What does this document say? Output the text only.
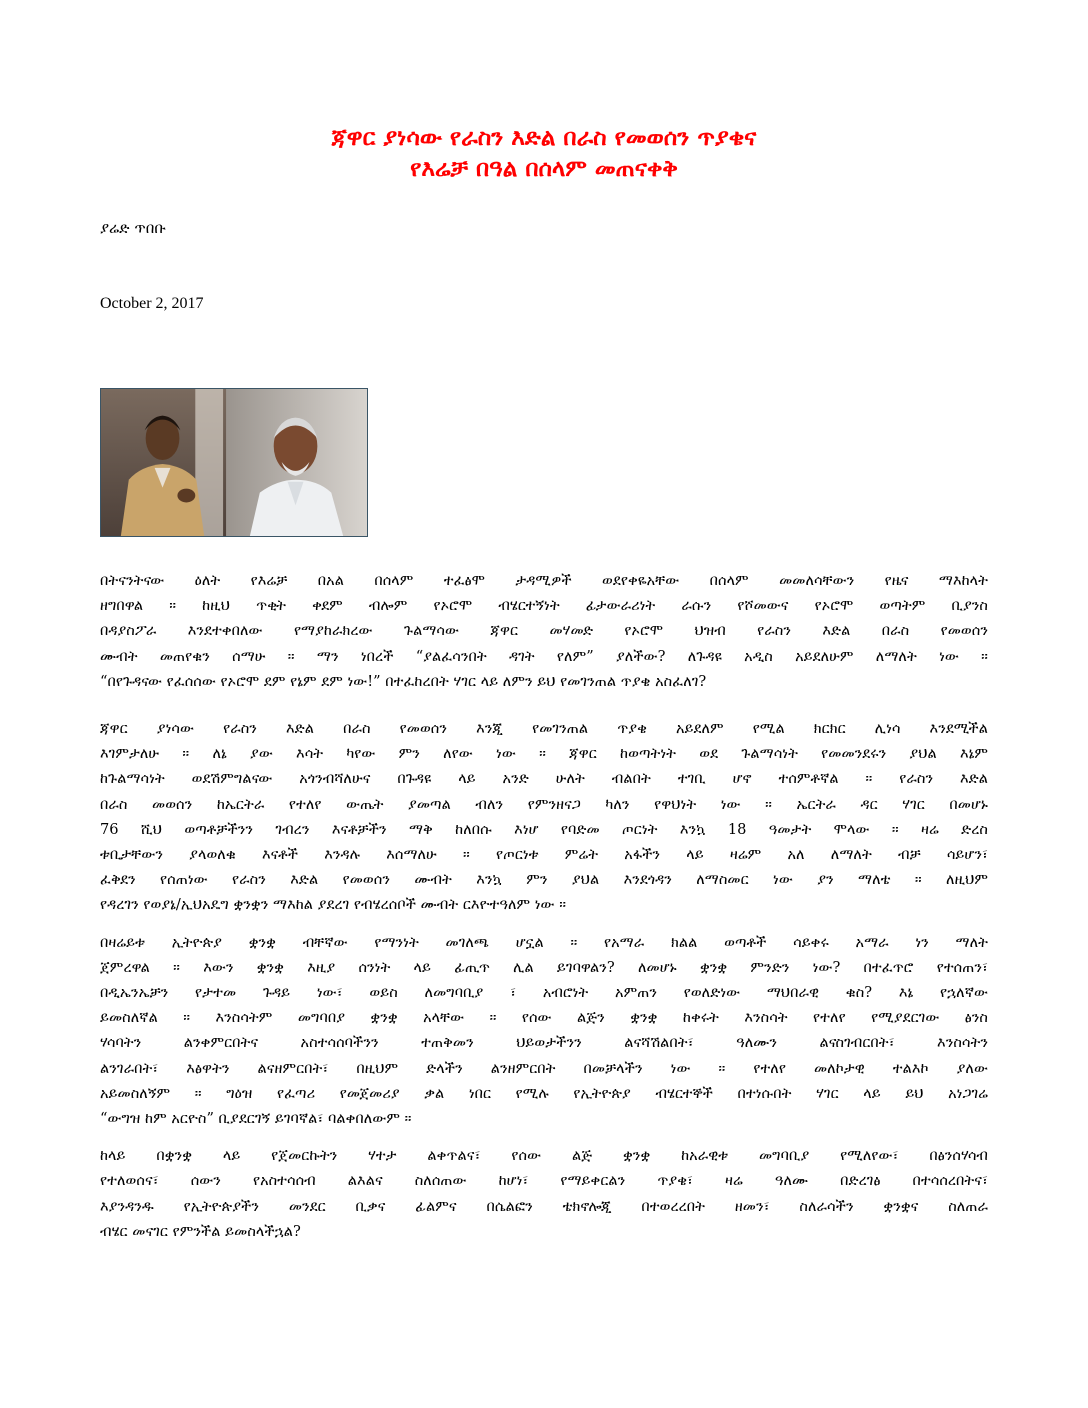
ጃዋር ያነሳው የራስን እድል በራስ የመወሰን ጥያቄና
የእሬቻ በዓል በሰላም መጠናቀቅ
ያሬድ ጥበቡ
October 2, 2017

በትናንትናው ዕለት የእሬቻ በአል በሰላም ተፈፅሞ ታዳሚዎች ወደየቀዬአቸው በሰላም መመለሳቸውን የዜና ማእከላት
ዘግበዋል ። ከዚህ ጥቂት ቀደም ብሎም የኦሮሞ ብሄርተኝነት ፊታውራሪነት ራሱን የሾመውና የኦሮሞ ወጣትም ቢያንስ
በዳያስፖራ እንደተቀበለው የማያከራክረው ጉልማሳው ጃዋር መሃመድ የኦሮሞ ህዝብ የራስን እድል በራስ የመወሰን
ሙብት መጠየቁን ሰማሁ ። ማን ነበረች “ያልፈሳንበት ዳገት የለም” ያለችው? ለጉዳዩ አዲስ አይደለሁም ለማለት ነው ።
“በየጉዳናው የፈሰሰው የኦሮሞ ደም የኔም ደም ነው!” በተፈከረበት ሃገር ላይ ለምን ይህ የመገንጠል ጥያቄ አስፈለገ?

ጃዋር ያነሳው የራስን እድል በራስ የመወሰን እንጂ የመገንጠል ጥያቄ አይደለም የሚል ክርክር ሊነሳ እንደሚችል
እገምታለሁ ። ለኔ ያው እሳት ካየው ምን ለየው ነው ። ጃዋር ከወጣትነት ወደ ጉልማሳነት የመመንደሩን ያህል እኔም
ከጉልማሳነት ወደሽምግልናው አጎንብሻለሁና በጉዳዩ ላይ አንድ ሁለት ብልበት ተገቢ ሆኖ ተሰምቶኛል ። የራስን እድል
በራስ መወሰን ከኤርትራ የተለየ ውጤት ያመጣል ብለን የምንዘናጋ ካለን የዋህነት ነው ። ኤርትራ ዳር ሃገር በመሆኑ
76 ሺህ ወጣቶቻችንን ገብረን እናቶቻችን ማቅ ከለበሱ እነሆ የባድመ ጦርነት እንኳ 18 ዓመታት ሞላው ። ዛሬ ድረስ
ቱቢታቸውን ያላወለቁ እናቶች እንዳሉ እሰማለሁ ። የጦርነቱ ምሬት አፋችን ላይ ዛሬም አለ ለማለት ብቻ ሳይሆን፣
ፈቅደን የሰጠነው የራስን እድል የመወሰን ሙብት እንኳ ምን ያህል እንደጎዳን ለማስመር ነው ያን ማለቴ ። ለዚህም
የዳረገን የወያኔ/ኢህአዴግ ቋንቋን ማእከል ያደረገ የብሄረሰቦች ሙብት ርእዮተዓለም ነው ።

በዛሬይቱ ኢትዮጵያ ቋንቋ ብቸኛው የማንነት መገለጫ ሆኗል ። የአማራ ክልል ወጣቶች ሳይቀሩ አማራ ነን ማለት
ጀምረዋል ። እውን ቋንቋ እዚያ ሰንነት ላይ ፊጢጥ ሊል ይገባዋልን? ለመሆኑ ቋንቋ ምንድን ነው? በተፈጥሮ የተሰጠን፣
በዲኤንኤቻን የታተመ ጉዳይ ነው፣ ወይስ ለመግባቢያ ፣ አብሮነት አምጠን የወለድነው ማህበራዊ ቁስ? እኔ የኋለኛው
ይመስለኛል ። እንስሳትም መግባበያ ቋንቋ አላቸው ። የሰው ልጅን ቋንቋ ከቀሩት እንስሳት የተለየ የሚያደርገው ፅንስ
ሃሳባትን ልንቀምርበትና አስተሳሰባችንን ተጠቅመን ህይወታችንን ልናሻሽልበት፣ ዓለሙን ልናስገብርበት፣ እንስሳትን
ልንገራበት፣ እፅዋትን ልናዘምርበት፣ በዚህም ድላችን ልንዘምርበት በመቻላችን ነው ። የተለየ መለኮታዊ ተልእኮ ያለው
አይመስለኝም ። ግዕዝ የፈጣሪ የመጀመሪያ ቃል ነበር የሚሉ የኢትዮጵያ ብሄርተኞች በተነሱበት ሃገር ላይ ይህ አነጋገሬ
“ውግዝ ከም አርዮስ” ቢያደርገኝ ይገባኛል፣ ባልቀበለውም ።

ከላይ በቋንቋ ላይ የጀመርኩትን ሃተታ ልቀጥልና፣ የሰው ልጅ ቋንቋ ከአራዊቱ መግባቢያ የሚለየው፣ በፅንሰሃሳብ
የተለወሰና፣ ሰውን የአስተሳሰብ ልእልና ስለሰጠው ከሆነ፣ የማይቀርልን ጥያቄ፣ ዛሬ ዓለሙ በድረገፅ በተሳሰረበትና፣
እያንዳንዱ የኢትዮጵያችን መንደር ቢቃና ፊልምና በሴልፎን ቴክኖሎጂ በተወረረበት ዘመን፣ ስለራሳችን ቋንቋና ስለጠራ
ብሄር መናገር የምንችል ይመስላችኋል?
